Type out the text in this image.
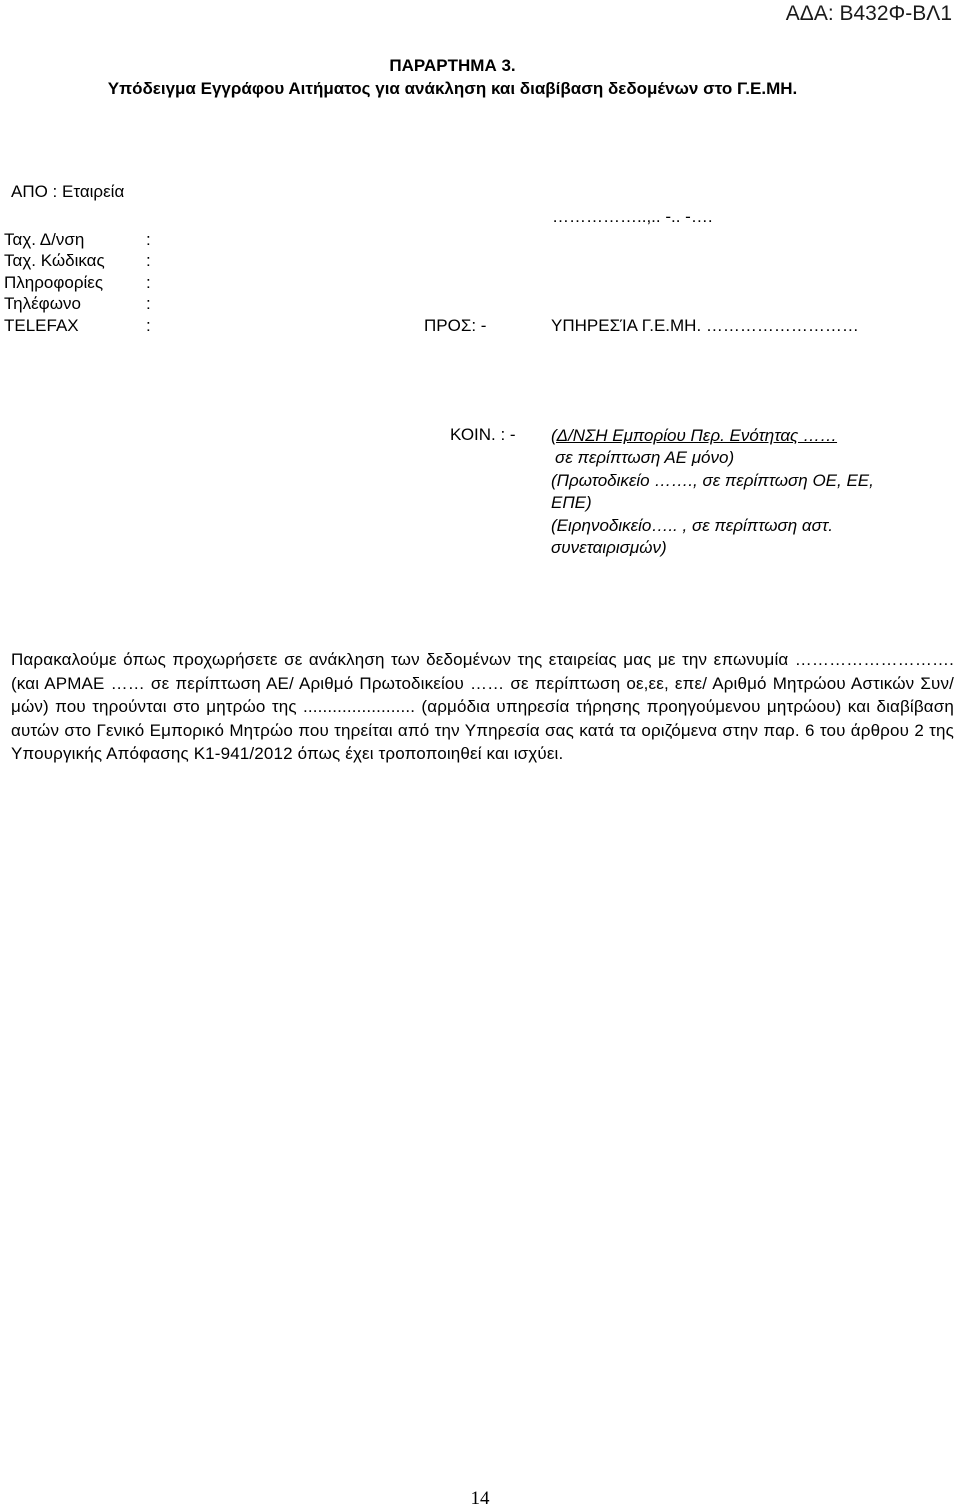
ΑΔΑ: Β432Φ-ΒΛ1
ΠΑΡΑΡΤΗΜΑ 3.
Υπόδειγμα Εγγράφου Αιτήματος για ανάκληση και διαβίβαση δεδομένων στο Γ.Ε.ΜΗ.
ΑΠΟ : Εταιρεία
Ταχ. Δ/νση	:
Ταχ. Κώδικας :
Πληροφορίες	:
Τηλέφωνο	:
TELEFAX	:
……………..,.. -.. -….
ΠΡΟΣ: -	ΥΠΗΡΕΣΊΑ Γ.Ε.ΜΗ. ………………………
ΚΟΙΝ. : - (Δ/ΝΣΗ Εμπορίου Περ. Ενότητας ……
σε περίπτωση ΑΕ μόνο)
(Πρωτοδικείο ……., σε περίπτωση ΟΕ, ΕΕ,
ΕΠΕ)
(Ειρηνοδικείο….. , σε περίπτωση αστ.
συνεταιρισμών)

Παρακαλούμε όπως προχωρήσετε σε ανάκληση των δεδομένων της εταιρείας μας με την επωνυμία ………………………. (και ΑΡΜΑΕ …… σε περίπτωση ΑΕ/ Αριθμό Πρωτοδικείου …… σε περίπτωση οε,εε, επε/ Αριθμό Μητρώου Αστικών Συν/μών) που τηρούνται στο μητρώο της ....................... (αρμόδια υπηρεσία τήρησης προηγούμενου μητρώου) και διαβίβαση αυτών στο Γενικό Εμπορικό Μητρώο που τηρείται από την Υπηρεσία σας κατά τα οριζόμενα στην παρ. 6 του άρθρου 2 της Υπουργικής Απόφασης Κ1-941/2012 όπως έχει τροποποιηθεί και ισχύει.

14
